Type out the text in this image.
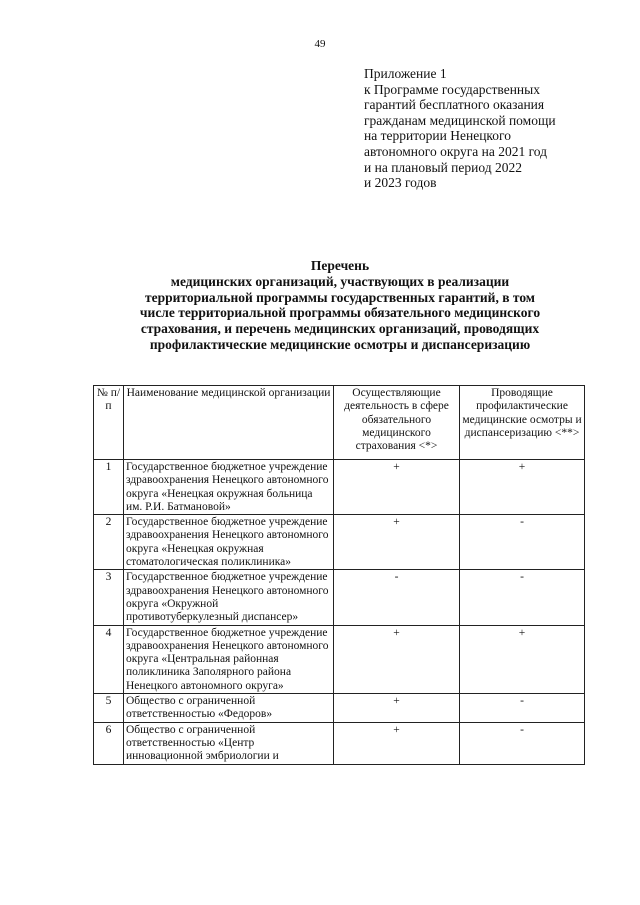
49
Приложение 1
к Программе государственных
гарантий бесплатного оказания
гражданам медицинской помощи
на территории Ненецкого
автономного округа на 2021 год
и на плановый период 2022
и 2023 годов
Перечень
медицинских организаций, участвующих в реализации
территориальной программы государственных гарантий, в том
числе территориальной программы обязательного медицинского
страхования, и перечень медицинских организаций, проводящих
профилактические медицинские осмотры и диспансеризацию
№ п/п	Наименование медицинской организации	Осуществляющие деятельность в сфере обязательного медицинского страхования <*>	Проводящие профилактические медицинские осмотры и диспансеризацию <**>
1	Государственное бюджетное учреждение здравоохранения Ненецкого автономного округа «Ненецкая окружная больница им. Р.И. Батмановой»	+	+
2	Государственное бюджетное учреждение здравоохранения Ненецкого автономного округа «Ненецкая окружная стоматологическая поликлиника»	+	-
3	Государственное бюджетное учреждение здравоохранения Ненецкого автономного округа «Окружной противотуберкулезный диспансер»	-	-
4	Государственное бюджетное учреждение здравоохранения Ненецкого автономного округа «Центральная районная поликлиника Заполярного района Ненецкого автономного округа»	+	+
5	Общество с ограниченной ответственностью «Федоров»	+	-
6	Общество с ограниченной ответственностью «Центр инновационной эмбриологии и	+	-
